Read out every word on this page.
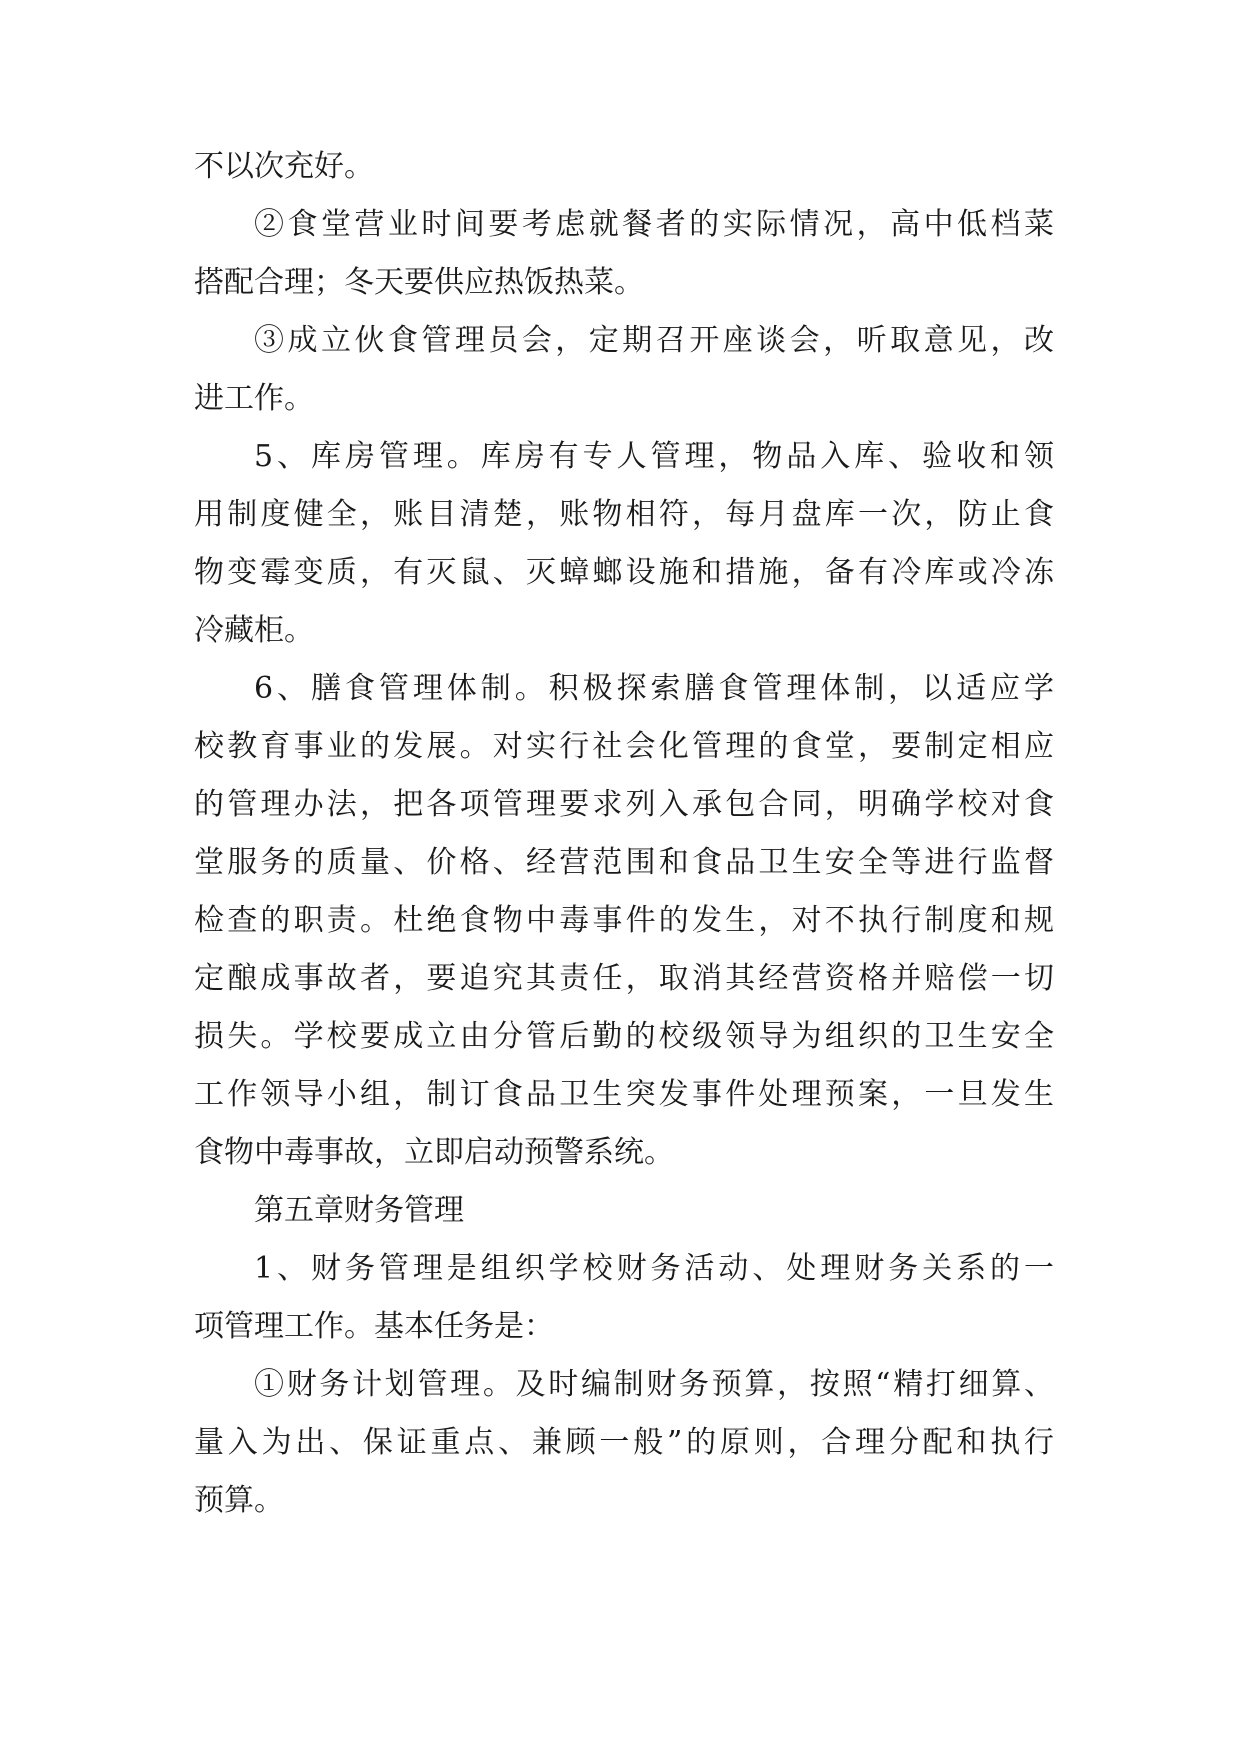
不以次充好。
②食堂营业时间要考虑就餐者的实际情况，高中低档菜
搭配合理；冬天要供应热饭热菜。
③成立伙食管理员会，定期召开座谈会，听取意见，改
进工作。
5、库房管理。库房有专人管理，物品入库、验收和领
用制度健全，账目清楚，账物相符，每月盘库一次，防止食
物变霉变质，有灭鼠、灭蟑螂设施和措施，备有冷库或冷冻
冷藏柜。
6、膳食管理体制。积极探索膳食管理体制，以适应学
校教育事业的发展。对实行社会化管理的食堂，要制定相应
的管理办法，把各项管理要求列入承包合同，明确学校对食
堂服务的质量、价格、经营范围和食品卫生安全等进行监督
检查的职责。杜绝食物中毒事件的发生，对不执行制度和规
定酿成事故者，要追究其责任，取消其经营资格并赔偿一切
损失。学校要成立由分管后勤的校级领导为组织的卫生安全
工作领导小组，制订食品卫生突发事件处理预案，一旦发生
食物中毒事故，立即启动预警系统。
第五章财务管理
1、财务管理是组织学校财务活动、处理财务关系的一
项管理工作。基本任务是：
①财务计划管理。及时编制财务预算，按照“精打细算、
量入为出、保证重点、兼顾一般”的原则，合理分配和执行
预算。
